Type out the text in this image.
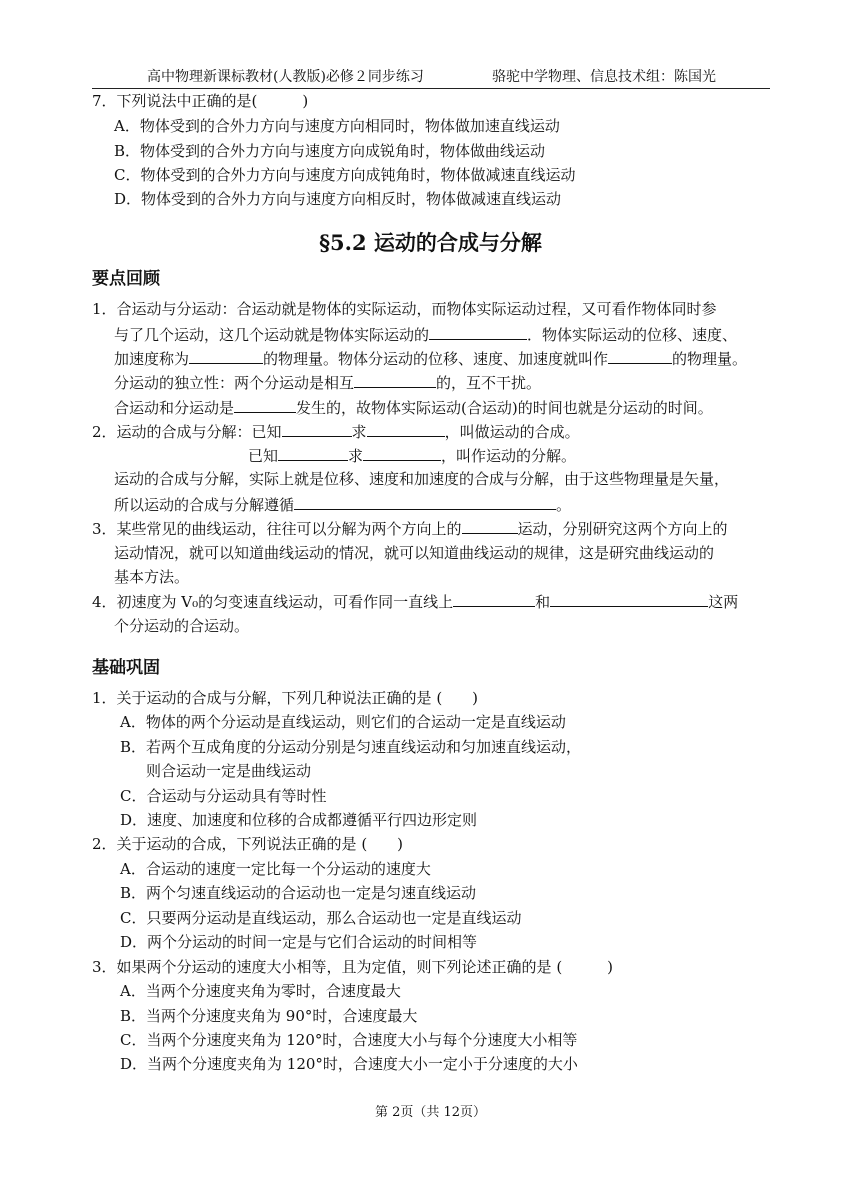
高中物理新课标教材(人教版)必修２同步练习	骆驼中学物理、信息技术组：陈国光
7．下列说法中正确的是(　　　)
A．物体受到的合外力方向与速度方向相同时，物体做加速直线运动
B．物体受到的合外力方向与速度方向成锐角时，物体做曲线运动
C．物体受到的合外力方向与速度方向成钝角时，物体做减速直线运动
D．物体受到的合外力方向与速度方向相反时，物体做减速直线运动
§5.2 运动的合成与分解
要点回顾
1．合运动与分运动：合运动就是物体的实际运动，而物体实际运动过程，又可看作物体同时参
与了几个运动，这几个运动就是物体实际运动的	．物体实际运动的位移、速度、
加速度称为	的物理量。物体分运动的位移、速度、加速度就叫作	的物理量。
分运动的独立性：两个分运动是相互	的，互不干扰。
合运动和分运动是	发生的，故物体实际运动(合运动)的时间也就是分运动的时间。
2．运动的合成与分解：已知	求	，叫做运动的合成。
已知	求	，叫作运动的分解。
运动的合成与分解，实际上就是位移、速度和加速度的合成与分解，由于这些物理量是矢量，
所以运动的合成与分解遵循	。
3．某些常见的曲线运动，往往可以分解为两个方向上的	运动，分别研究这两个方向上的
运动情况，就可以知道曲线运动的情况，就可以知道曲线运动的规律，这是研究曲线运动的
基本方法。
4．初速度为 V₀的匀变速直线运动，可看作同一直线上	和	这两
个分运动的合运动。
基础巩固
1．关于运动的合成与分解，下列几种说法正确的是 (　　)
A．物体的两个分运动是直线运动，则它们的合运动一定是直线运动
B．若两个互成角度的分运动分别是匀速直线运动和匀加速直线运动，
则合运动一定是曲线运动
C．合运动与分运动具有等时性
D．速度、加速度和位移的合成都遵循平行四边形定则
2．关于运动的合成，下列说法正确的是 (　　)
A．合运动的速度一定比每一个分运动的速度大
B．两个匀速直线运动的合运动也一定是匀速直线运动
C．只要两分运动是直线运动，那么合运动也一定是直线运动
D．两个分运动的时间一定是与它们合运动的时间相等
3．如果两个分运动的速度大小相等，且为定值，则下列论述正确的是 (　　　)
A．当两个分速度夹角为零时，合速度最大
B．当两个分速度夹角为 90°时，合速度最大
C．当两个分速度夹角为 120°时，合速度大小与每个分速度大小相等
D．当两个分速度夹角为 120°时，合速度大小一定小于分速度的大小
第 2页（共 12页）
